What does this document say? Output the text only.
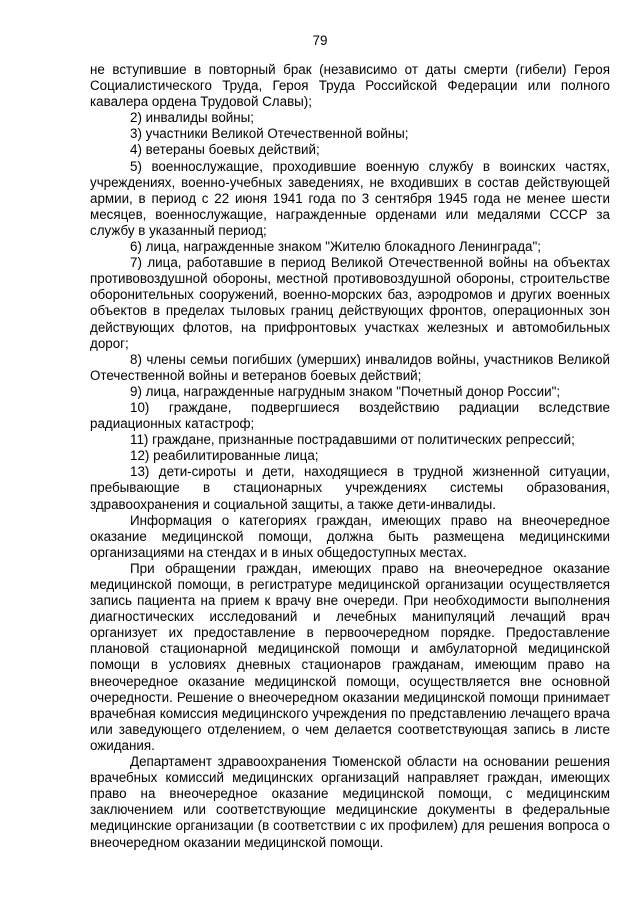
79

не вступившие в повторный брак (независимо от даты смерти (гибели) Героя Социалистического Труда, Героя Труда Российской Федерации или полного кавалера ордена Трудовой Славы);

2) инвалиды войны;

3) участники Великой Отечественной войны;

4) ветераны боевых действий;

5) военнослужащие, проходившие военную службу в воинских частях, учреждениях, военно-учебных заведениях, не входивших в состав действующей армии, в период с 22 июня 1941 года по 3 сентября 1945 года не менее шести месяцев, военнослужащие, награжденные орденами или медалями СССР за службу в указанный период;

6) лица, награжденные знаком "Жителю блокадного Ленинграда";

7) лица, работавшие в период Великой Отечественной войны на объектах противовоздушной обороны, местной противовоздушной обороны, строительстве оборонительных сооружений, военно-морских баз, аэродромов и других военных объектов в пределах тыловых границ действующих фронтов, операционных зон действующих флотов, на прифронтовых участках железных и автомобильных дорог;

8) члены семьи погибших (умерших) инвалидов войны, участников Великой Отечественной войны и ветеранов боевых действий;

9) лица, награжденные нагрудным знаком "Почетный донор России";

10) граждане, подвергшиеся воздействию радиации вследствие радиационных катастроф;

11) граждане, признанные пострадавшими от политических репрессий;

12) реабилитированные лица;

13) дети-сироты и дети, находящиеся в трудной жизненной ситуации, пребывающие в стационарных учреждениях системы образования, здравоохранения и социальной защиты, а также дети-инвалиды.

Информация о категориях граждан, имеющих право на внеочередное оказание медицинской помощи, должна быть размещена медицинскими организациями на стендах и в иных общедоступных местах.

При обращении граждан, имеющих право на внеочередное оказание медицинской помощи, в регистратуре медицинской организации осуществляется запись пациента на прием к врачу вне очереди. При необходимости выполнения диагностических исследований и лечебных манипуляций лечащий врач организует их предоставление в первоочередном порядке. Предоставление плановой стационарной медицинской помощи и амбулаторной медицинской помощи в условиях дневных стационаров гражданам, имеющим право на внеочередное оказание медицинской помощи, осуществляется вне основной очередности. Решение о внеочередном оказании медицинской помощи принимает врачебная комиссия медицинского учреждения по представлению лечащего врача или заведующего отделением, о чем делается соответствующая запись в листе ожидания.

Департамент здравоохранения Тюменской области на основании решения врачебных комиссий медицинских организаций направляет граждан, имеющих право на внеочередное оказание медицинской помощи, с медицинским заключением или соответствующие медицинские документы в федеральные медицинские организации (в соответствии с их профилем) для решения вопроса о внеочередном оказании медицинской помощи.
